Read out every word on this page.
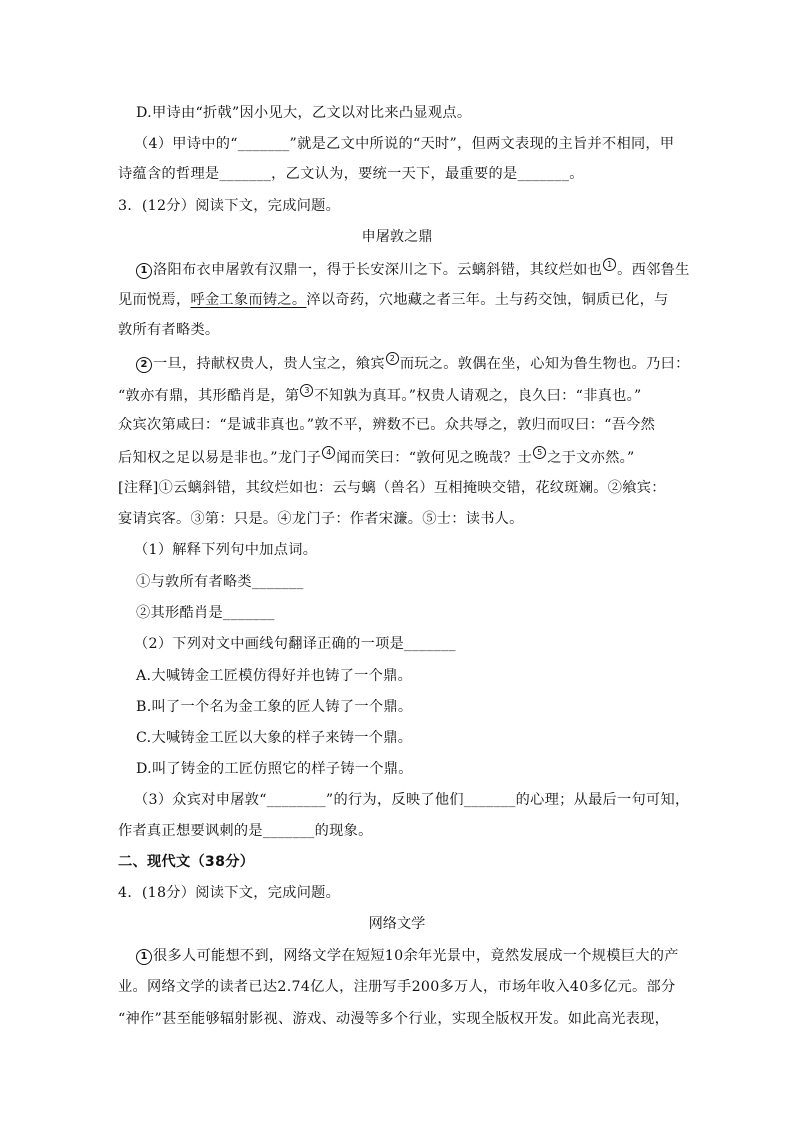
D.甲诗由“折戟”因小见大，乙文以对比来凸显观点。
（4）甲诗中的“_______”就是乙文中所说的“天时”，但两文表现的主旨并不相同，甲
诗蕴含的哲理是_______，乙文认为，要统一天下，最重要的是_______。
3．(12分）阅读下文，完成问题。
申屠敦之鼎
1 洛阳布衣申屠敦有汉鼎一，得于长安深川之下。云螭斜错，其纹烂如也 1 。西邻鲁生
见而悦焉，呼金工象而铸之。淬以奇药，穴地藏之者三年。土与药交蚀，铜质已化，与
敦所有者略类。
2 一旦，持献权贵人，贵人宝之，飨宾 2 而玩之。敦偶在坐，心知为鲁生物也。乃曰：
“敦亦有鼎，其形酷肖是，第 3 不知孰为真耳。”权贵人请观之，良久曰：“非真也。”
众宾次第咸曰：“是诚非真也。”敦不平，辨数不已。众共辱之，敦归而叹曰：“吾今然
后知权之足以易是非也。”龙门子 4 闻而笑曰：“敦何见之晚哉？士 5 之于文亦然。”
[注释]①云螭斜错，其纹烂如也：云与螭（兽名）互相掩映交错，花纹斑斓。②飨宾：
宴请宾客。③第：只是。④龙门子：作者宋濂。⑤士：读书人。
（1）解释下列句中加点词。
①与敦所有者略类_______
②其形酷肖是_______
（2）下列对文中画线句翻译正确的一项是_______
A.大喊铸金工匠模仿得好并也铸了一个鼎。
B.叫了一个名为金工象的匠人铸了一个鼎。
C.大喊铸金工匠以大象的样子来铸一个鼎。
D.叫了铸金的工匠仿照它的样子铸一个鼎。
（3）众宾对申屠敦“________”的行为，反映了他们_______的心理；从最后一句可知，
作者真正想要讽刺的是_______的现象。
二、现代文（38分）
4．(18分）阅读下文，完成问题。
网络文学
1 很多人可能想不到，网络文学在短短10余年光景中，竟然发展成一个规模巨大的产
业。网络文学的读者已达2.74亿人，注册写手200多万人，市场年收入40多亿元。部分
“神作”甚至能够辐射影视、游戏、动漫等多个行业，实现全版权开发。如此高光表现，
